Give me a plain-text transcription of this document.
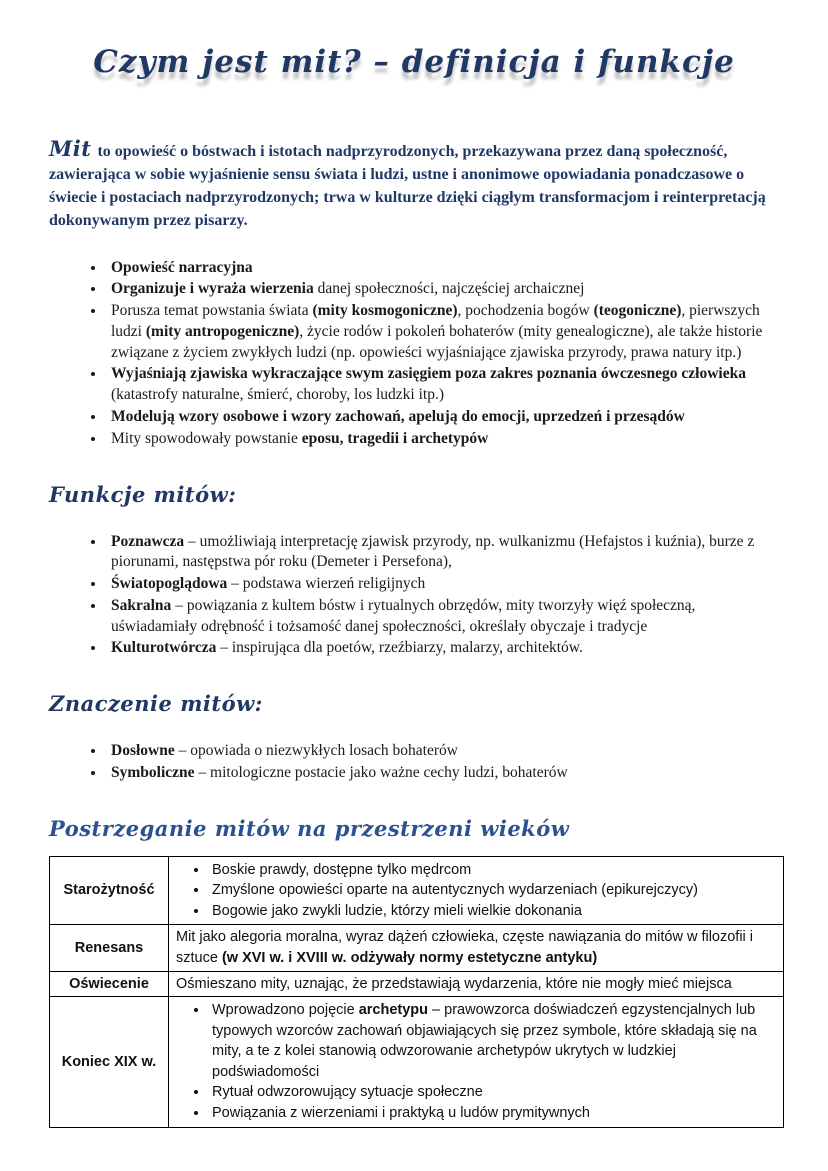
Czym jest mit? – definicja i funkcje

Mit to opowieść o bóstwach i istotach nadprzyrodzonych, przekazywana przez daną społeczność, zawierająca w sobie wyjaśnienie sensu świata i ludzi, ustne i anonimowe opowiadania ponadczasowe o świecie i postaciach nadprzyrodzonych; trwa w kulturze dzięki ciągłym transformacjom i reinterpretacją dokonywanym przez pisarzy.

• Opowieść narracyjna
• Organizuje i wyraża wierzenia danej społeczności, najczęściej archaicznej
• Porusza temat powstania świata (mity kosmogoniczne), pochodzenia bogów (teogoniczne), pierwszych ludzi (mity antropogeniczne), życie rodów i pokoleń bohaterów (mity genealogiczne), ale także historie związane z życiem zwykłych ludzi (np. opowieści wyjaśniające zjawiska przyrody, prawa natury itp.)
• Wyjaśniają zjawiska wykraczające swym zasięgiem poza zakres poznania ówczesnego człowieka (katastrofy naturalne, śmierć, choroby, los ludzki itp.)
• Modelują wzory osobowe i wzory zachowań, apelują do emocji, uprzedzeń i przesądów
• Mity spowodowały powstanie eposu, tragedii i archetypów
Funkcje mitów:
• Poznawcza – umożliwiają interpretację zjawisk przyrody, np. wulkanizmu (Hefajstos i kuźnia), burze z piorunami, następstwa pór roku (Demeter i Persefona),
• Światopoglądowa – podstawa wierzeń religijnych
• Sakralna – powiązania z kultem bóstw i rytualnych obrzędów, mity tworzyły więź społeczną, uświadamiały odrębność i tożsamość danej społeczności, określały obyczaje i tradycje
• Kulturotwórcza – inspirująca dla poetów, rzeźbiarzy, malarzy, architektów.
Znaczenie mitów:
• Dosłowne – opowiada o niezwykłych losach bohaterów
• Symboliczne – mitologiczne postacie jako ważne cechy ludzi, bohaterów
Postrzeganie mitów na przestrzeni wieków
Starożytność	
• Boskie prawdy, dostępne tylko mędrcom
• Zmyślone opowieści oparte na autentycznych wydarzeniach (epikurejczycy)
• Bogowie jako zwykli ludzie, którzy mieli wielkie dokonania

Renesans	Mit jako alegoria moralna, wyraz dążeń człowieka, częste nawiązania do mitów w filozofii i sztuce (w XVI w. i XVIII w. odżywały normy estetyczne antyku)

Oświecenie	Ośmieszano mity, uznając, że przedstawiają wydarzenia, które nie mogły mieć miejsca

Koniec XIX w.	
• Wprowadzono pojęcie archetypu – prawowzorca doświadczeń egzystencjalnych lub typowych wzorców zachowań objawiających się przez symbole, które składają się na mity, a te z kolei stanowią odwzorowanie archetypów ukrytych w ludzkiej podświadomości
• Rytuał odwzorowujący sytuacje społeczne
• Powiązania z wierzeniami i praktyką u ludów prymitywnych
